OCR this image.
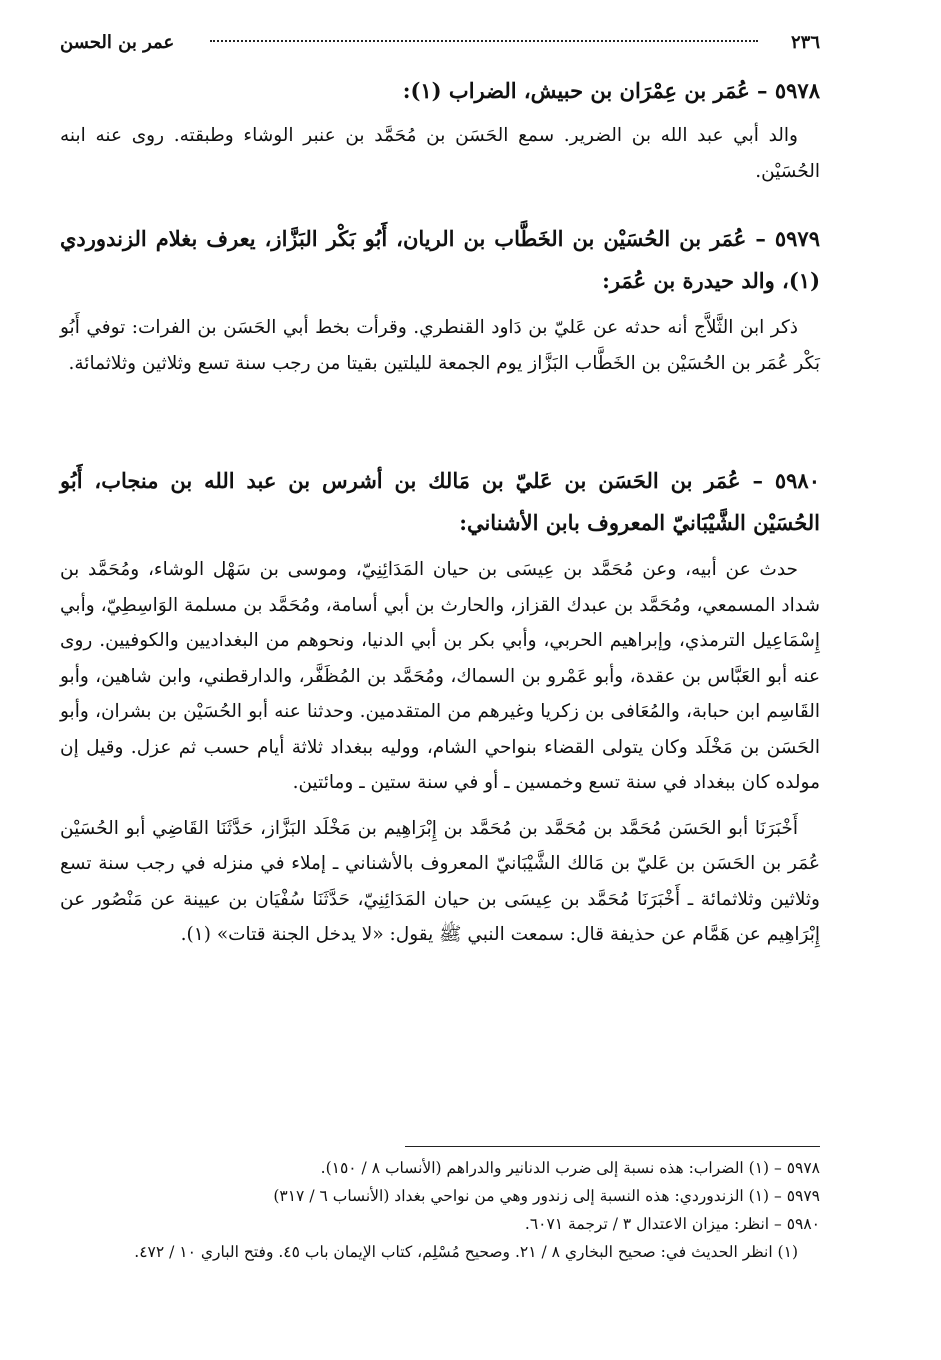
٢٣٦
عمر بن الحسن

٥٩٧٨ – عُمَر بن عِمْرَان بن حبيش، الضراب (١):

والد أبي عبد الله بن الضرير. سمع الحَسَن بن مُحَمَّد بن عنبر الوشاء وطبقته. روى عنه ابنه الحُسَيْن.

٥٩٧٩ – عُمَر بن الحُسَيْن بن الخَطَّاب بن الريان، أَبُو بَكْر البَزَّاز، يعرف بغلام الزندوردي (١)، والد حيدرة بن عُمَر:

ذكر ابن الثَّلاَّج أنه حدثه عن عَليّ بن دَاود القنطري. وقرأت بخط أبي الحَسَن بن الفرات: توفي أَبُو بَكْر عُمَر بن الحُسَيْن بن الخَطَّاب البَزَّاز يوم الجمعة لليلتين بقيتا من رجب سنة تسع وثلاثين وثلاثمائة.

٥٩٨٠ – عُمَر بن الحَسَن بن عَليّ بن مَالك بن أشرس بن عبد الله بن منجاب، أَبُو الحُسَيْن الشَّيْبَانيّ المعروف بابن الأشناني:

حدث عن أبيه، وعن مُحَمَّد بن عِيسَى بن حيان المَدَائِنِيّ، وموسى بن سَهْل الوشاء، ومُحَمَّد بن شداد المسمعي، ومُحَمَّد بن عبدك القزاز، والحارث بن أبي أسامة، ومُحَمَّد بن مسلمة الوَاسِطِيّ، وأبي إِسْمَاعِيل الترمذي، وإبراهيم الحربي، وأبي بكر بن أبي الدنيا، ونحوهم من البغداديين والكوفيين. روى عنه أبو العَبَّاس بن عقدة، وأبو عَمْرو بن السماك، ومُحَمَّد بن المُظَفَّر، والدارقطني، وابن شاهين، وأبو القَاسِم ابن حبابة، والمُعَافى بن زكريا وغيرهم من المتقدمين. وحدثنا عنه أبو الحُسَيْن بن بشران، وأبو الحَسَن بن مَخْلَد وكان يتولى القضاء بنواحي الشام، ووليه ببغداد ثلاثة أيام حسب ثم عزل. وقيل إن مولده كان ببغداد في سنة تسع وخمسين ـ أو في سنة ستين ـ ومائتين.

أَخْبَرَنَا أبو الحَسَن مُحَمَّد بن مُحَمَّد بن مُحَمَّد بن إِبْرَاهِيم بن مَخْلَد البَزَّاز، حَدَّثَنَا القَاضِي أبو الحُسَيْن عُمَر بن الحَسَن بن عَليّ بن مَالك الشَّيْبَانيّ المعروف بالأشناني ـ إملاء في منزله في رجب سنة تسع وثلاثين وثلاثمائة ـ أَخْبَرَنَا مُحَمَّد بن عِيسَى بن حيان المَدَائِنِيّ، حَدَّثَنَا سُفْيَان بن عيينة عن مَنْصُور عن إِبْرَاهِيم عن هَمَّام عن حذيفة قال: سمعت النبي ﷺ يقول: «لا يدخل الجنة قتات» (١).

٥٩٧٨ – (١) الضراب: هذه نسبة إلى ضرب الدنانير والدراهم (الأنساب ٨ / ١٥٠).

٥٩٧٩ – (١) الزندوردي: هذه النسبة إلى زندور وهي من نواحي بغداد (الأنساب ٦ / ٣١٧)

٥٩٨٠ – انظر: ميزان الاعتدال ٣ / ترجمة ٦٠٧١.

(١) انظر الحديث في: صحيح البخاري ٨ / ٢١. وصحيح مُسْلِم، كتاب الإيمان باب ٤٥. وفتح الباري ١٠ / ٤٧٢.
